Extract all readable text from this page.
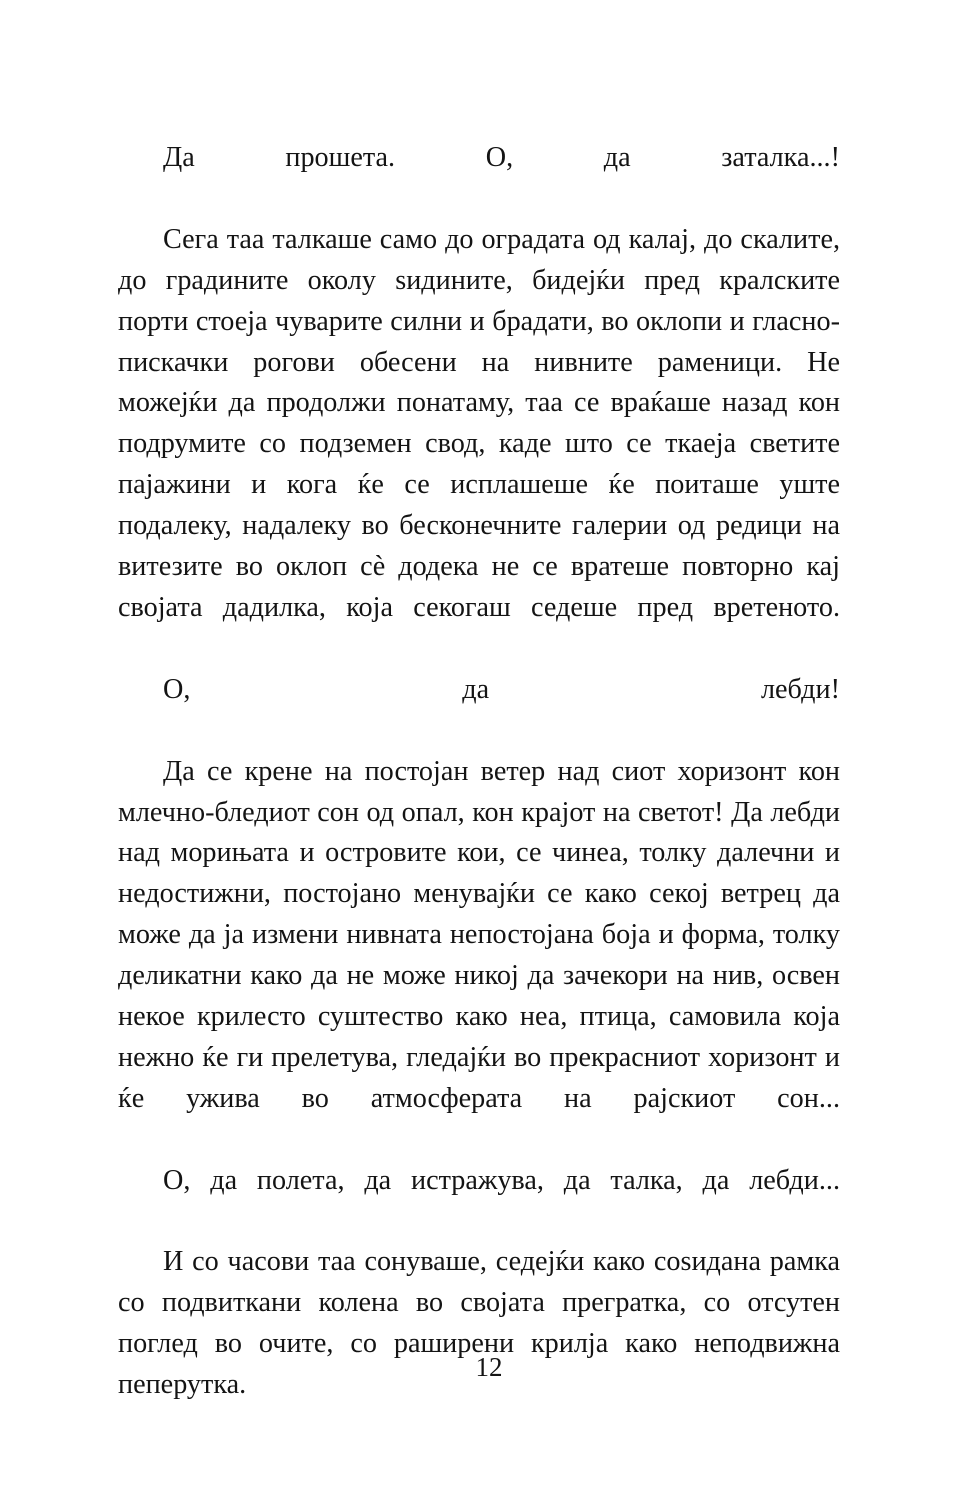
Да прошета. О, да заталка...!

Сега таа талкаше само до оградата од калај, до скалите, до градините околу ѕидините, бидејќи пред кралските порти стоеја чуварите силни и брадати, во оклопи и гласно-пискачки рогови обесени на нивните раменици. Не можејќи да продолжи понатаму, таа се враќаше назад кон подрумите со подземен свод, каде што се ткаеја светите пајажини и кога ќе се исплашеше ќе поиташе уште подалеку, надалеку во бесконечните галерии од редици на витезите во оклоп сѐ додека не се вратеше повторно кај својата дадилка, која секогаш седеше пред вретеното.

О, да лебди!

Да се крене на постојан ветер над сиот хоризонт кон млечно-бледиот сон од опал, кон крајот на светот! Да лебди над морињата и островите кои, се чинеа, толку далечни и недостижни, постојано менувајќи се како секој ветрец да може да ја измени нивната непостојана боја и форма, толку деликатни како да не може никој да зачекори на нив, освен некое крилесто суштество како неа, птица, самовила која нежно ќе ги прелетува, гледајќи во прекрасниот хоризонт и ќе ужива во атмосферата на рајскиот сон...

О, да полета, да истражува, да талка, да лебди...

И со часови таа сонуваше, седејќи како соѕидана рамка со подвиткани колена во својата прегратка, со отсутен поглед во очите, со раширени крилја како неподвижна пеперутка.

12
